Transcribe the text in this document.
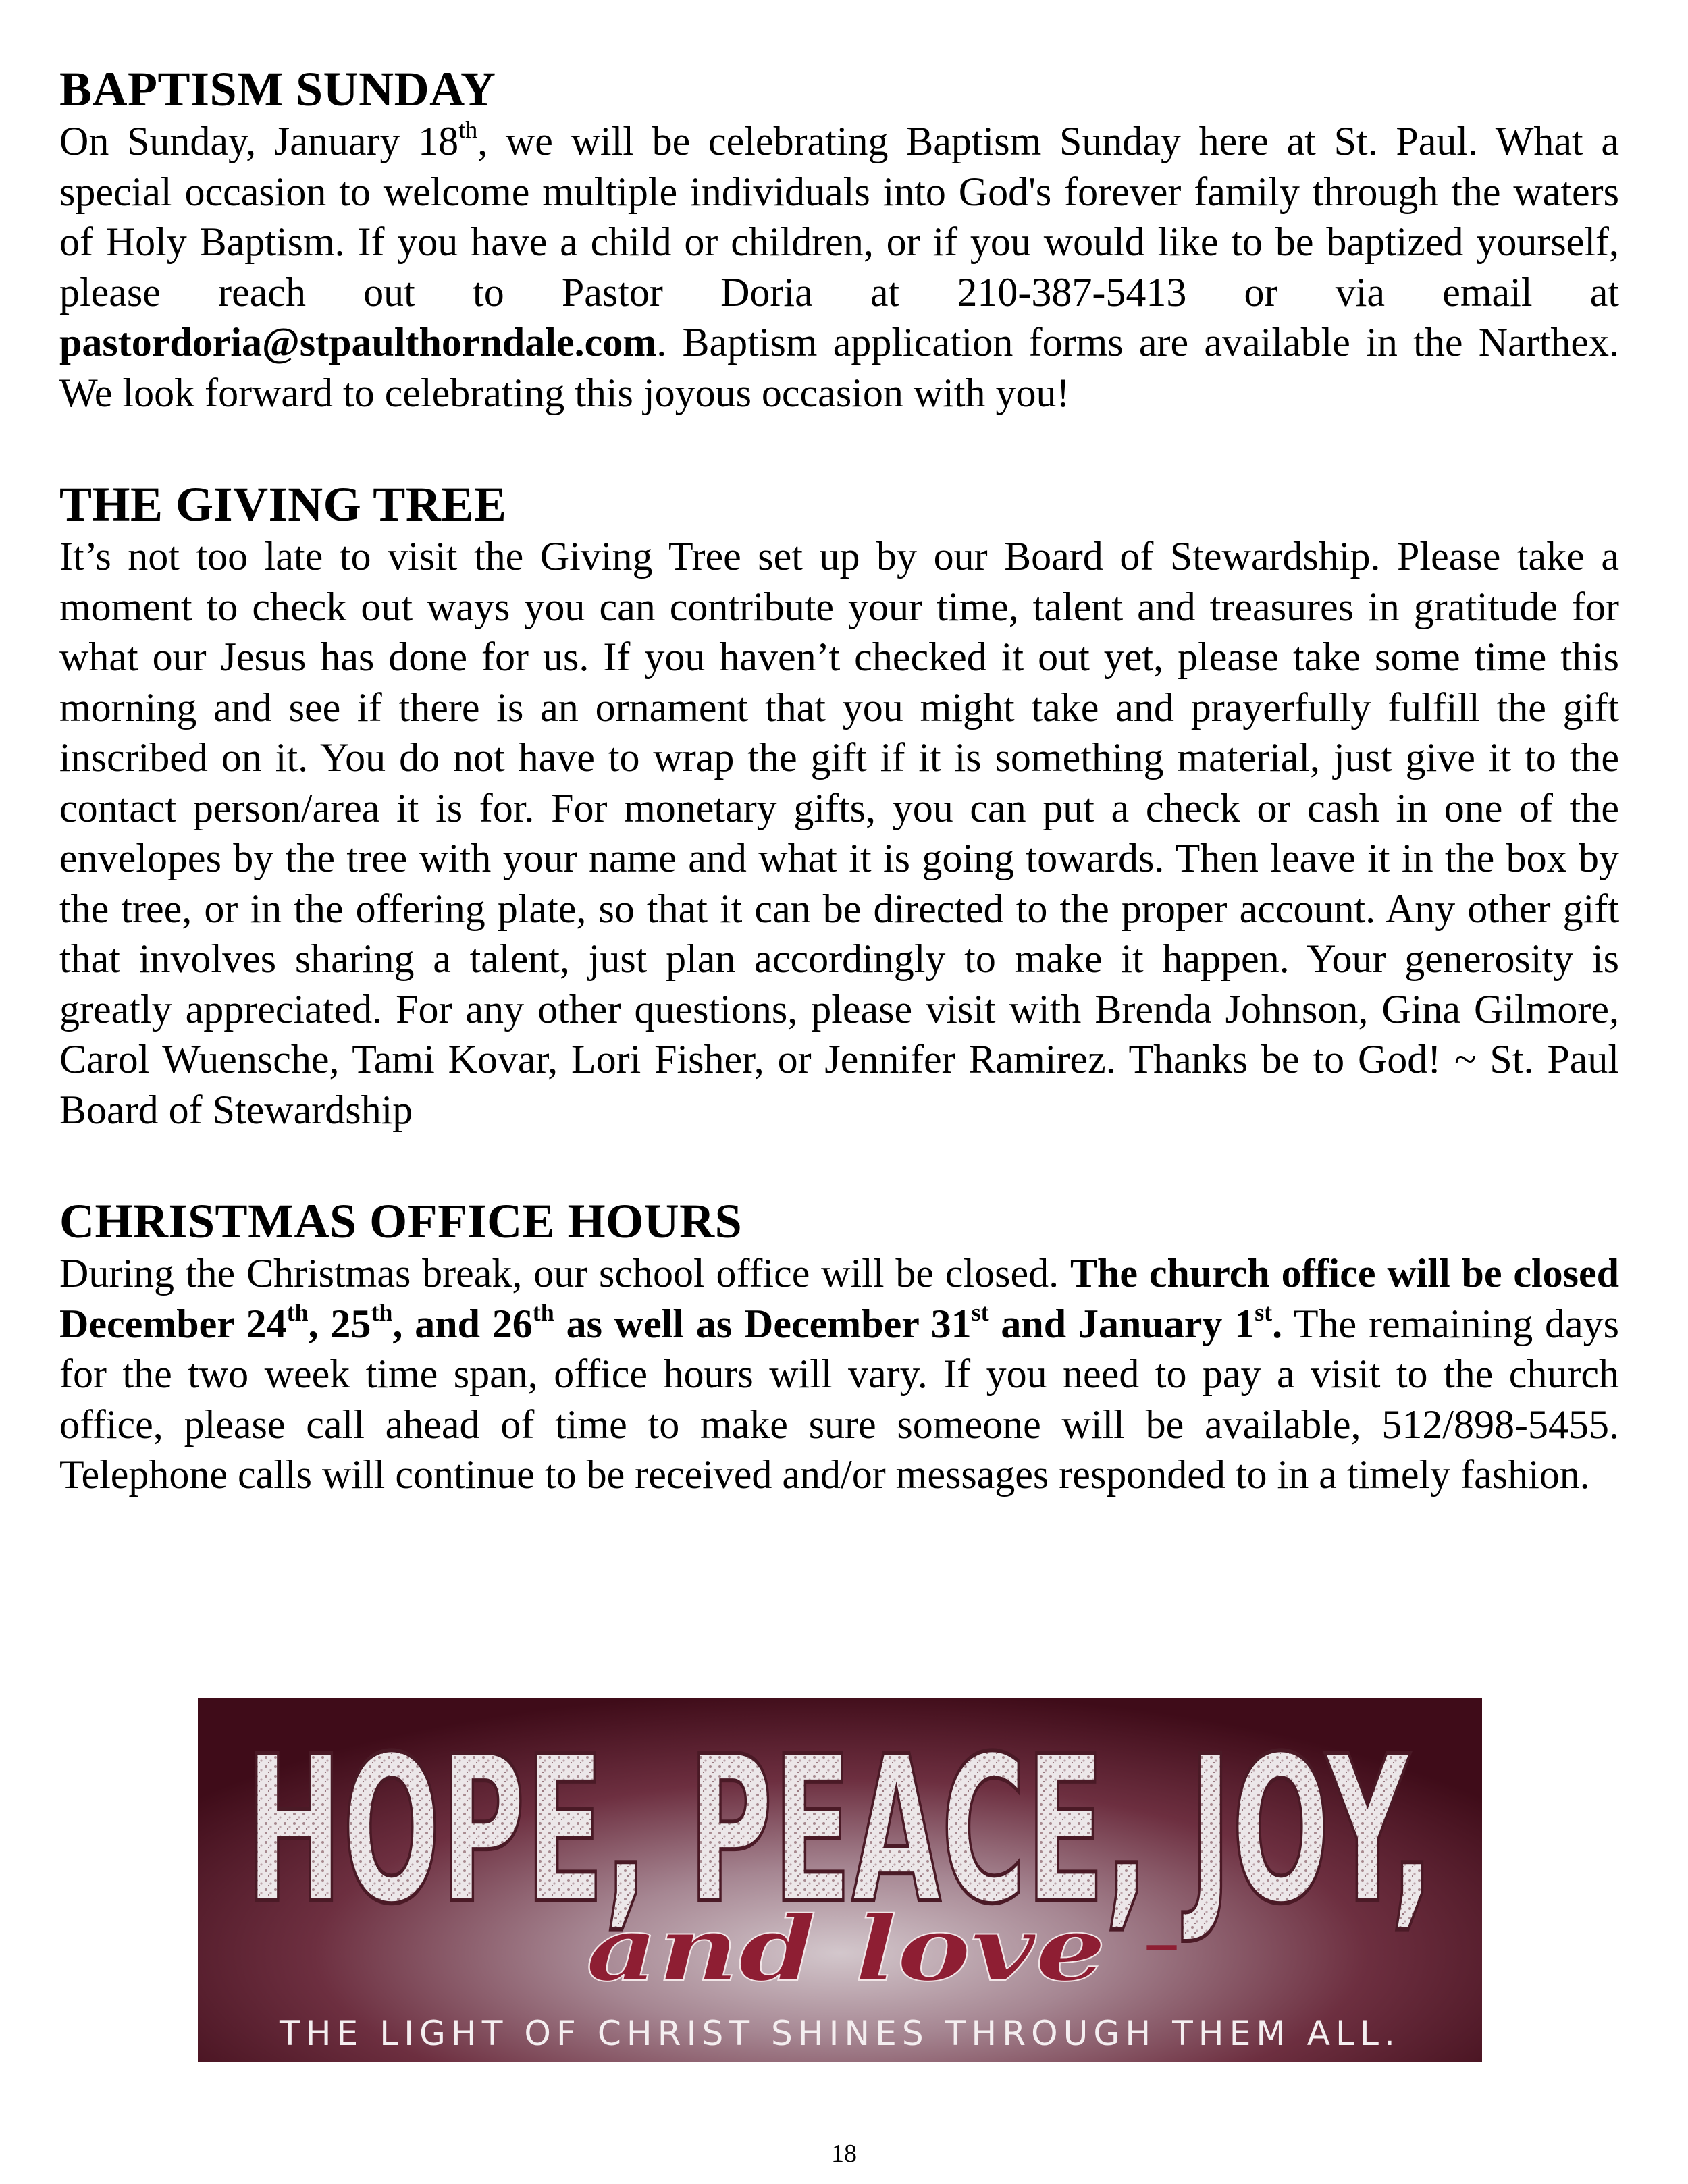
BAPTISM SUNDAY

On Sunday, January 18th, we will be celebrating Baptism Sunday here at St. Paul. What a special occasion to welcome multiple individuals into God's forever family through the waters of Holy Baptism. If you have a child or children, or if you would like to be baptized yourself, please reach out to Pastor Doria at 210-387-5413 or via email at pastordoria@stpaulthorndale.com. Baptism application forms are available in the Narthex. We look forward to celebrating this joyous occasion with you!

THE GIVING TREE

It’s not too late to visit the Giving Tree set up by our Board of Stewardship. Please take a moment to check out ways you can contribute your time, talent and treasures in gratitude for what our Jesus has done for us. If you haven’t checked it out yet, please take some time this morning and see if there is an ornament that you might take and prayerfully fulfill the gift inscribed on it. You do not have to wrap the gift if it is something material, just give it to the contact person/area it is for. For monetary gifts, you can put a check or cash in one of the envelopes by the tree with your name and what it is going towards. Then leave it in the box by the tree, or in the offering plate, so that it can be directed to the proper account. Any other gift that involves sharing a talent, just plan accordingly to make it happen. Your generosity is greatly appreciated. For any other questions, please visit with Brenda Johnson, Gina Gilmore, Carol Wuensche, Tami Kovar, Lori Fisher, or Jennifer Ramirez. Thanks be to God! ~ St. Paul Board of Stewardship

CHRISTMAS OFFICE HOURS

During the Christmas break, our school office will be closed. The church office will be closed December 24th, 25th, and 26th as well as December 31st and January 1st. The remaining days for the two week time span, office hours will vary. If you need to pay a visit to the church office, please call ahead of time to make sure someone will be available, 512/898-5455. Telephone calls will continue to be received and/or messages responded to in a timely fashion.

HOPE, PEACE, JOY,
and love –
THE LIGHT OF CHRIST SHINES THROUGH THEM ALL.
18
